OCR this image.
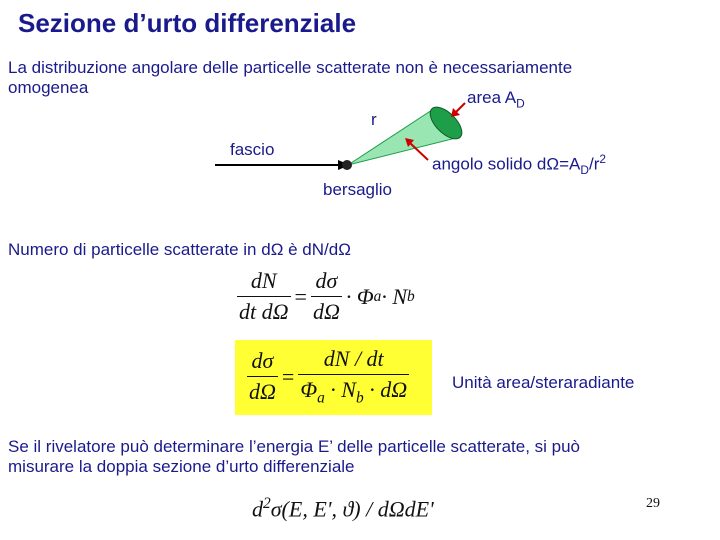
Sezione d’urto differenziale
La distribuzione angolare delle particelle scatterate non è necessariamente
omogenea
area $A_D$
r
fascio
angolo solido $d\Omega=A_D/r^2$
bersaglio
Numero di particelle scatterate in dΩ è dN/dΩ
$\frac{dN}{\text{dt dΩ}} = \frac{d\sigma}{d\Omega} \cdot \Phi$ a · N b
$\frac{d\sigma}{d\Omega} = \frac{dN / dt}{\Phi_a \cdot N_b \cdot d\Omega}$	Unità area/steraradiante
Se il rivelatore può determinare l’energia E’ delle particelle scatterate, si può
misurare la doppia sezione d’urto differenziale
$d^2\sigma(E$, E', ϑ) / dΩdE'	29
